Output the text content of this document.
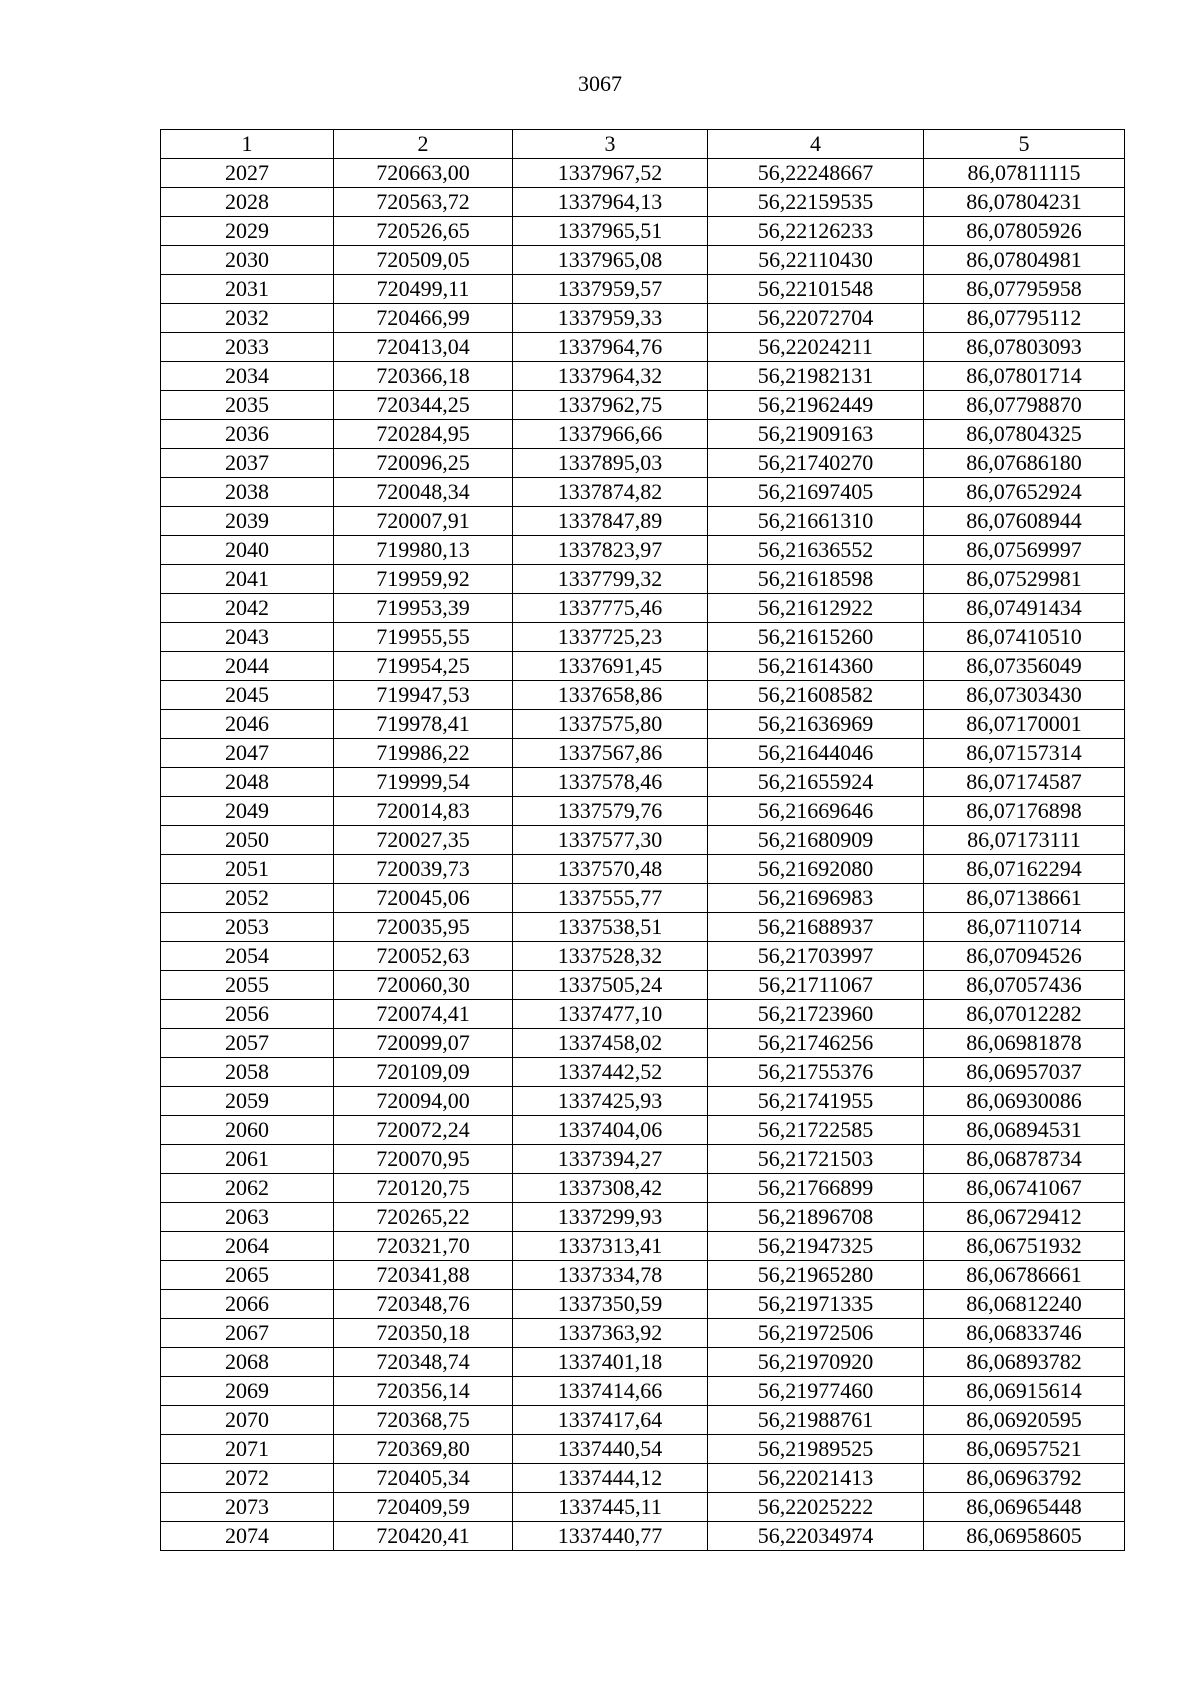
3067
1	2	3	4	5
2027	720663,00	1337967,52	56,22248667	86,07811115
2028	720563,72	1337964,13	56,22159535	86,07804231
2029	720526,65	1337965,51	56,22126233	86,07805926
2030	720509,05	1337965,08	56,22110430	86,07804981
2031	720499,11	1337959,57	56,22101548	86,07795958
2032	720466,99	1337959,33	56,22072704	86,07795112
2033	720413,04	1337964,76	56,22024211	86,07803093
2034	720366,18	1337964,32	56,21982131	86,07801714
2035	720344,25	1337962,75	56,21962449	86,07798870
2036	720284,95	1337966,66	56,21909163	86,07804325
2037	720096,25	1337895,03	56,21740270	86,07686180
2038	720048,34	1337874,82	56,21697405	86,07652924
2039	720007,91	1337847,89	56,21661310	86,07608944
2040	719980,13	1337823,97	56,21636552	86,07569997
2041	719959,92	1337799,32	56,21618598	86,07529981
2042	719953,39	1337775,46	56,21612922	86,07491434
2043	719955,55	1337725,23	56,21615260	86,07410510
2044	719954,25	1337691,45	56,21614360	86,07356049
2045	719947,53	1337658,86	56,21608582	86,07303430
2046	719978,41	1337575,80	56,21636969	86,07170001
2047	719986,22	1337567,86	56,21644046	86,07157314
2048	719999,54	1337578,46	56,21655924	86,07174587
2049	720014,83	1337579,76	56,21669646	86,07176898
2050	720027,35	1337577,30	56,21680909	86,07173111
2051	720039,73	1337570,48	56,21692080	86,07162294
2052	720045,06	1337555,77	56,21696983	86,07138661
2053	720035,95	1337538,51	56,21688937	86,07110714
2054	720052,63	1337528,32	56,21703997	86,07094526
2055	720060,30	1337505,24	56,21711067	86,07057436
2056	720074,41	1337477,10	56,21723960	86,07012282
2057	720099,07	1337458,02	56,21746256	86,06981878
2058	720109,09	1337442,52	56,21755376	86,06957037
2059	720094,00	1337425,93	56,21741955	86,06930086
2060	720072,24	1337404,06	56,21722585	86,06894531
2061	720070,95	1337394,27	56,21721503	86,06878734
2062	720120,75	1337308,42	56,21766899	86,06741067
2063	720265,22	1337299,93	56,21896708	86,06729412
2064	720321,70	1337313,41	56,21947325	86,06751932
2065	720341,88	1337334,78	56,21965280	86,06786661
2066	720348,76	1337350,59	56,21971335	86,06812240
2067	720350,18	1337363,92	56,21972506	86,06833746
2068	720348,74	1337401,18	56,21970920	86,06893782
2069	720356,14	1337414,66	56,21977460	86,06915614
2070	720368,75	1337417,64	56,21988761	86,06920595
2071	720369,80	1337440,54	56,21989525	86,06957521
2072	720405,34	1337444,12	56,22021413	86,06963792
2073	720409,59	1337445,11	56,22025222	86,06965448
2074	720420,41	1337440,77	56,22034974	86,06958605
